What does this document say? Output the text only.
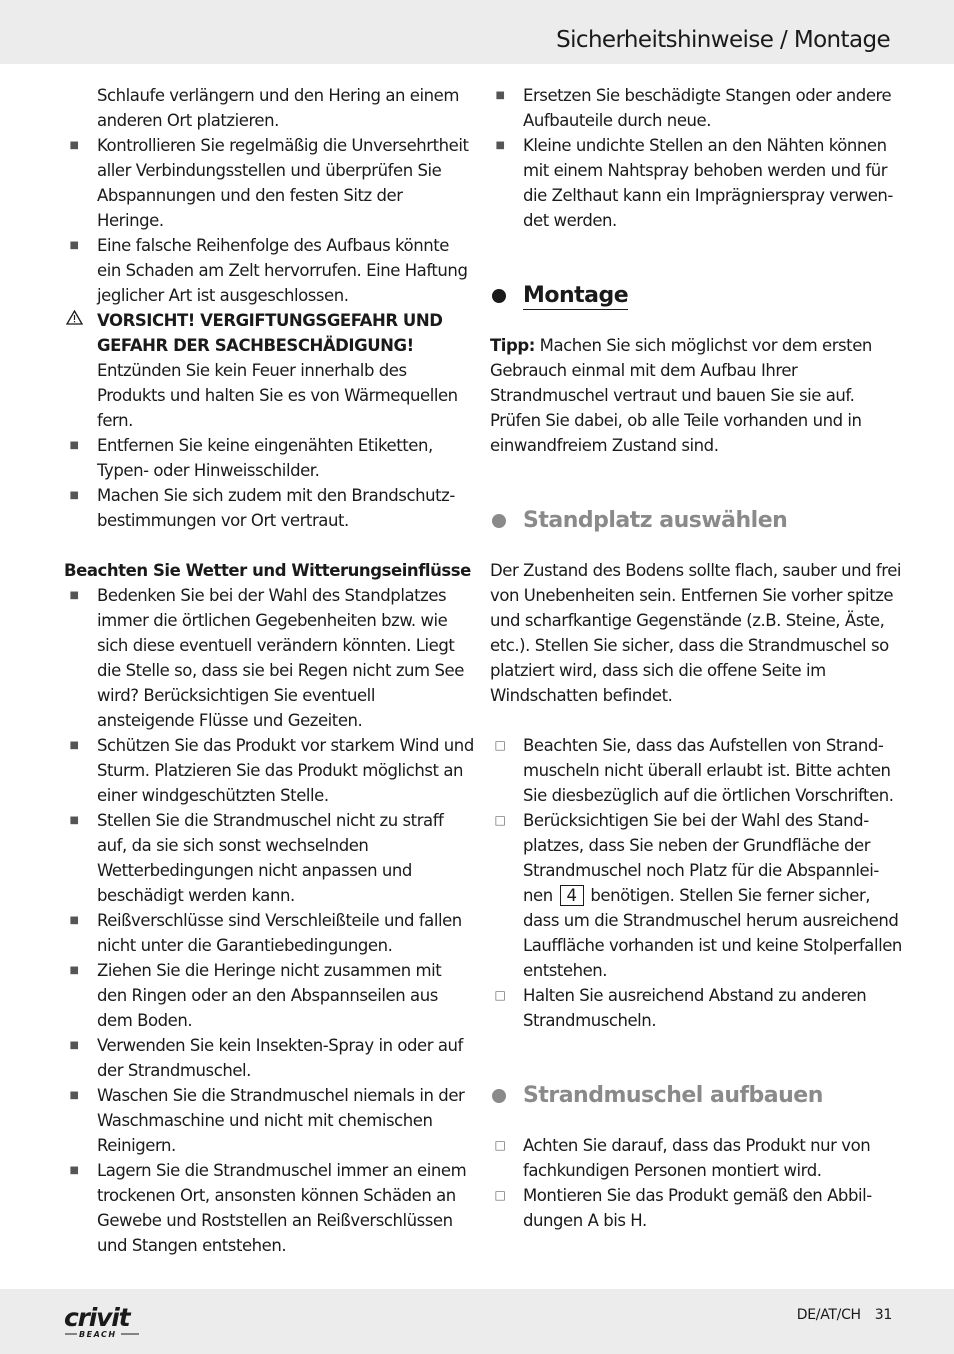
Sicherheitshinweise / Montage
Schlaufe verlängern und den Hering an einem anderen Ort platzieren.
■	Kontrollieren Sie regelmäßig die Unversehrtheit aller Verbindungsstellen und überprüfen Sie Abspannungen und den festen Sitz der Heringe.
■	Eine falsche Reihenfolge des Aufbaus könnte ein Schaden am Zelt hervorrufen. Eine Haftung jeglicher Art ist ausgeschlossen.
VORSICHT! VERGIFTUNGSGEFAHR UND GEFAHR DER SACHBESCHÄDIGUNG! Entzünden Sie kein Feuer innerhalb des Produkts und halten Sie es von Wärmequellen fern.
■	Entfernen Sie keine eingenähten Etiketten, Typen- oder Hinweisschilder.
■	Machen Sie sich zudem mit den Brandschutzbestimmungen vor Ort vertraut.
Beachten Sie Wetter und Witterungseinflüsse
■	Bedenken Sie bei der Wahl des Standplatzes immer die örtlichen Gegebenheiten bzw. wie sich diese eventuell verändern könnten. Liegt die Stelle so, dass sie bei Regen nicht zum See wird? Berücksichtigen Sie eventuell ansteigende Flüsse und Gezeiten.
■	Schützen Sie das Produkt vor starkem Wind und Sturm. Platzieren Sie das Produkt möglichst an einer windgeschützten Stelle.
■	Stellen Sie die Strandmuschel nicht zu straff auf, da sie sich sonst wechselnden Wetterbedingungen nicht anpassen und beschädigt werden kann.
■	Reißverschlüsse sind Verschleißteile und fallen nicht unter die Garantiebedingungen.
■	Ziehen Sie die Heringe nicht zusammen mit den Ringen oder an den Abspannseilen aus dem Boden.
■	Verwenden Sie kein Insekten-Spray in oder auf der Strandmuschel.
■	Waschen Sie die Strandmuschel niemals in der Waschmaschine und nicht mit chemischen Reinigern.
■	Lagern Sie die Strandmuschel immer an einem trockenen Ort, ansonsten können Schäden an Gewebe und Roststellen an Reißverschlüssen und Stangen entstehen.
■	Ersetzen Sie beschädigte Stangen oder andere Aufbauteile durch neue.
■	Kleine undichte Stellen an den Nähten können mit einem Nahtspray behoben werden und für die Zelthaut kann ein Imprägnierspray verwendet werden.
Montage

Tipp: Machen Sie sich möglichst vor dem ersten Gebrauch einmal mit dem Aufbau Ihrer Strandmuschel vertraut und bauen Sie sie auf. Prüfen Sie dabei, ob alle Teile vorhanden und in einwandfreiem Zustand sind.

Standplatz auswählen

Der Zustand des Bodens sollte flach, sauber und frei von Unebenheiten sein. Entfernen Sie vorher spitze und scharfkantige Gegenstände (z.B. Steine, Äste, etc.). Stellen Sie sicher, dass die Strandmuschel so platziert wird, dass sich die offene Seite im Windschatten befindet.

□ Beachten Sie, dass das Aufstellen von Strandmuscheln nicht überall erlaubt ist. Bitte achten Sie diesbezüglich auf die örtlichen Vorschriften.
□ Berücksichtigen Sie bei der Wahl des Standplatzes, dass Sie neben der Grundfläche der Strandmuschel noch Platz für die Abspannleinen 4 benötigen. Stellen Sie ferner sicher, dass um die Strandmuschel herum ausreichend Lauffläche vorhanden ist und keine Stolperfallen entstehen.
□ Halten Sie ausreichend Abstand zu anderen Strandmuscheln.
Strandmuschel aufbauen
□ Achten Sie darauf, dass das Produkt nur von fachkundigen Personen montiert wird.
□ Montieren Sie das Produkt gemäß den Abbildungen A bis H.
crivit
BEACH
DE/AT/CH 31
